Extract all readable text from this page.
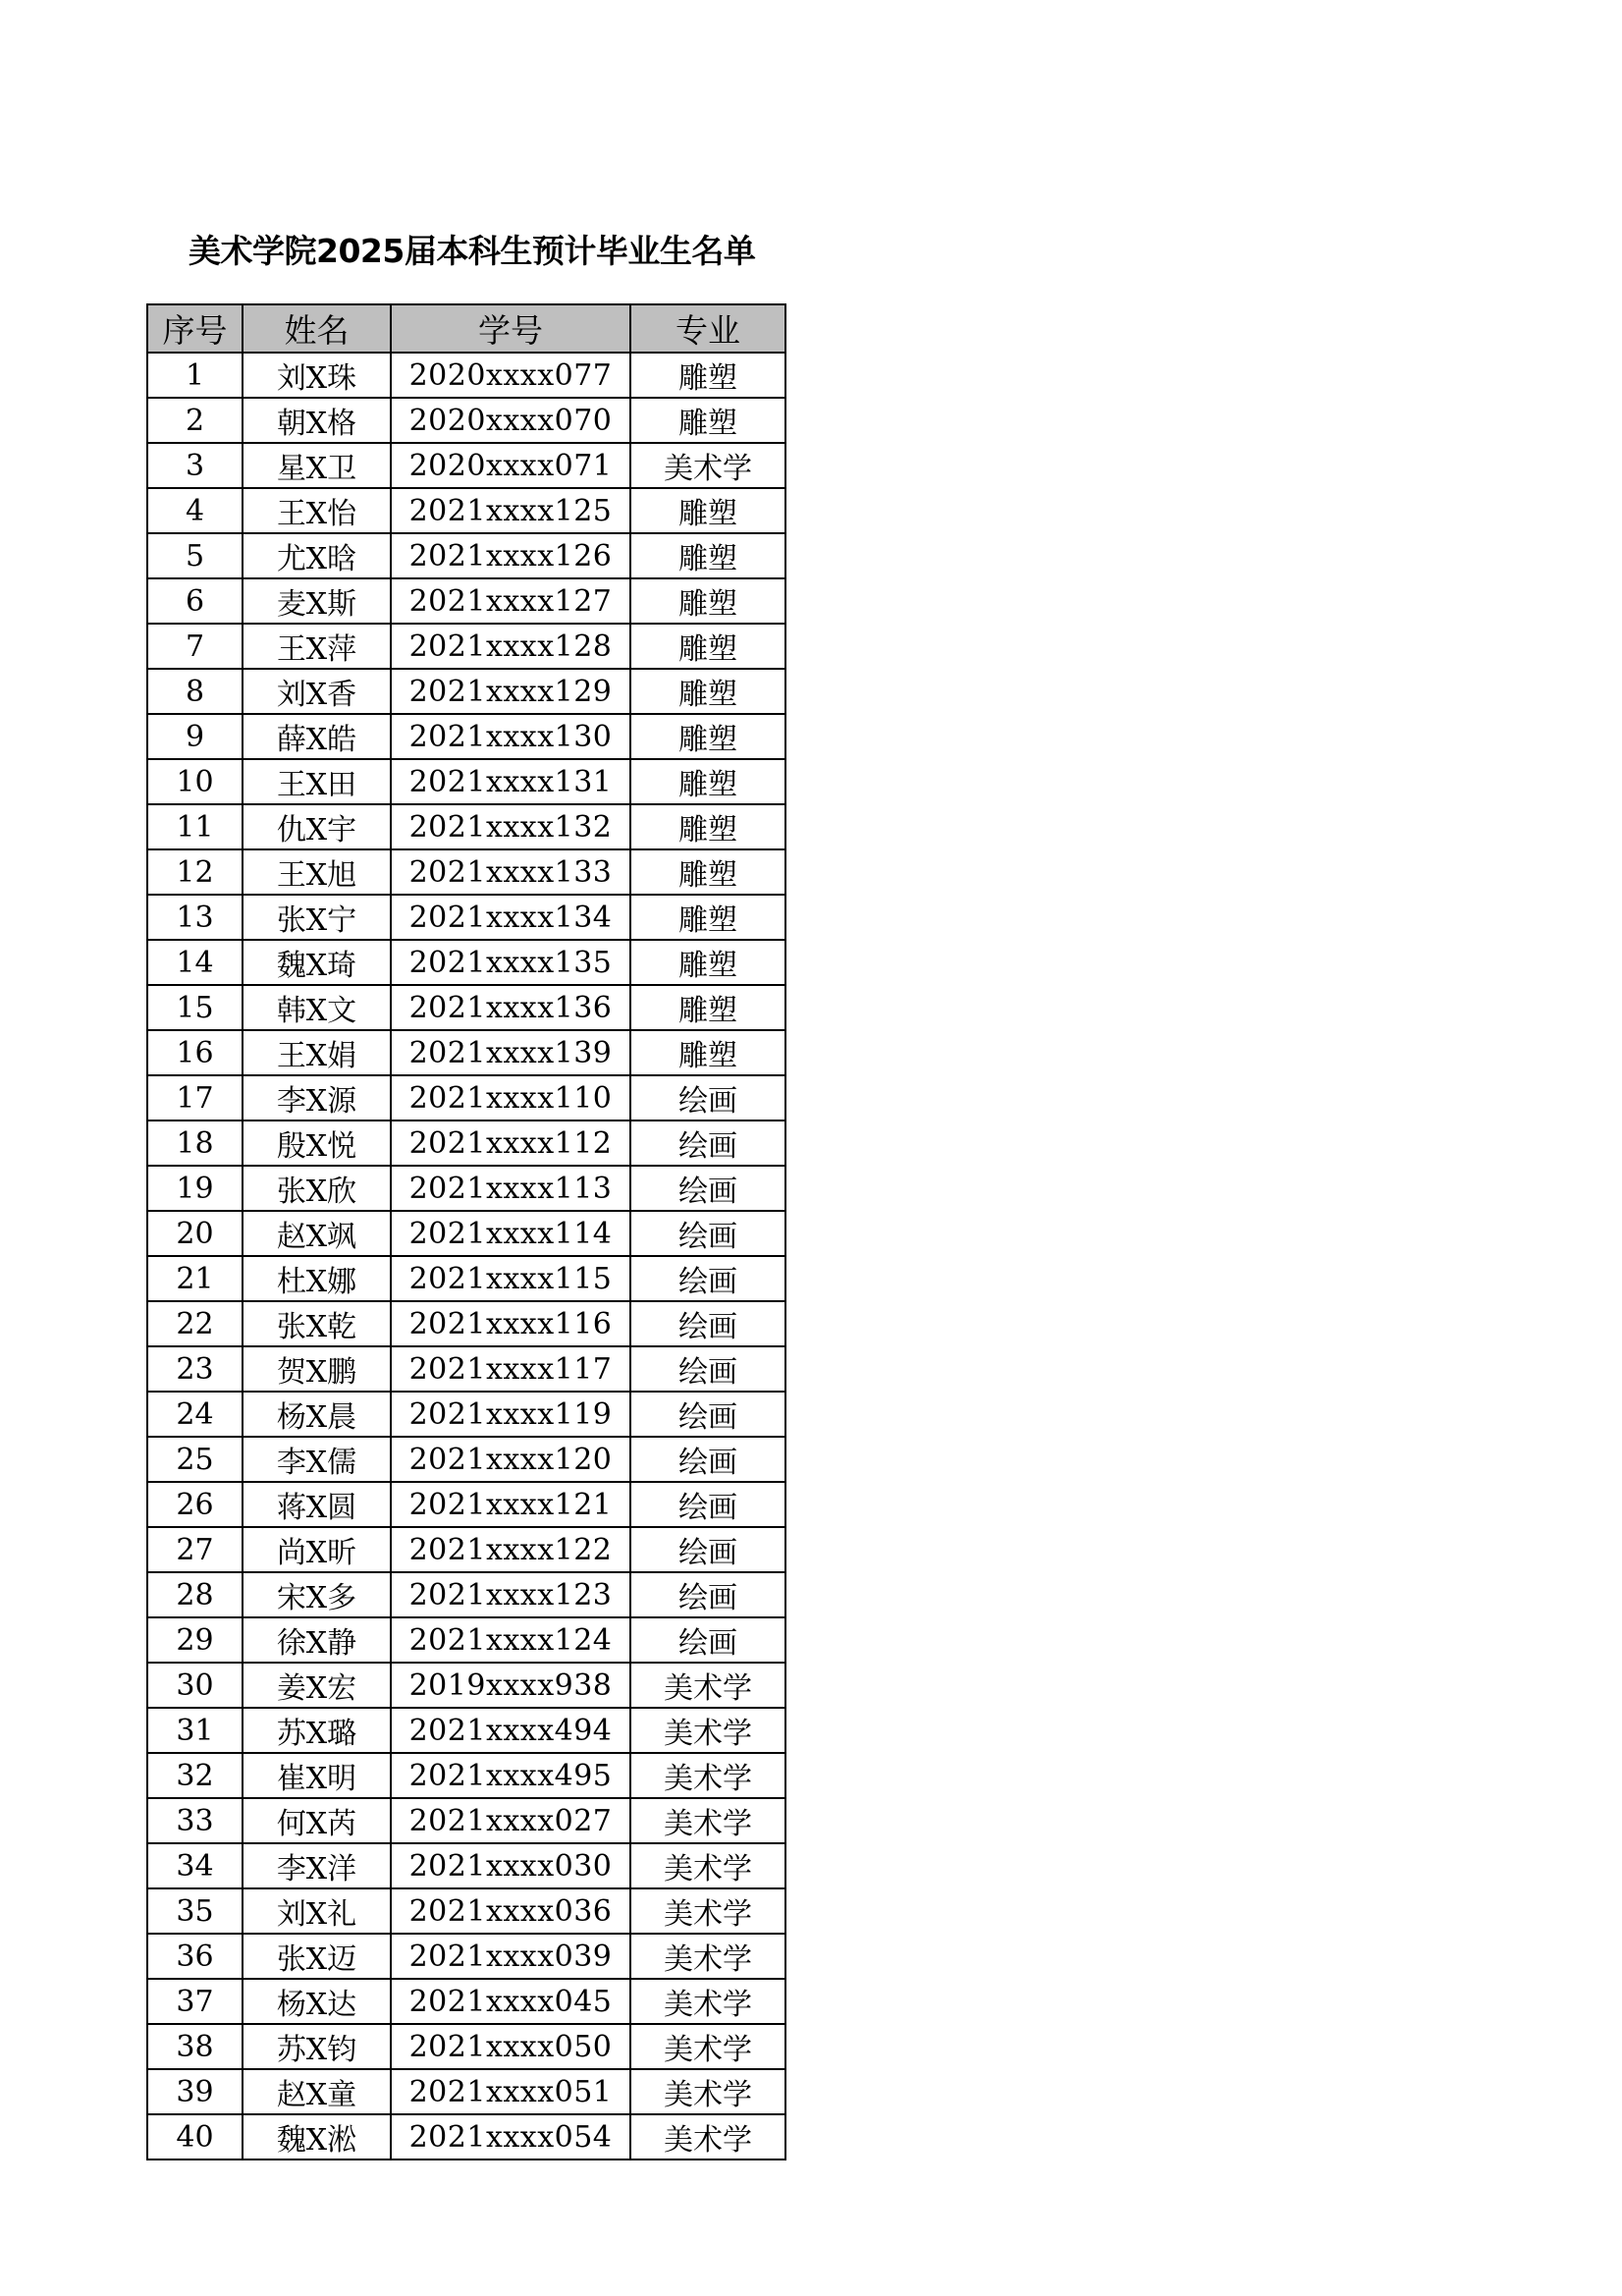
美术学院2025届本科生预计毕业生名单
序号	姓名	学号	专业
1	刘X珠	2020xxxx077	雕塑
2	朝X格	2020xxxx070	雕塑
3	星X卫	2020xxxx071	美术学
4	王X怡	2021xxxx125	雕塑
5	尤X晗	2021xxxx126	雕塑
6	麦X斯	2021xxxx127	雕塑
7	王X萍	2021xxxx128	雕塑
8	刘X香	2021xxxx129	雕塑
9	薛X皓	2021xxxx130	雕塑
10	王X田	2021xxxx131	雕塑
11	仇X宇	2021xxxx132	雕塑
12	王X旭	2021xxxx133	雕塑
13	张X宁	2021xxxx134	雕塑
14	魏X琦	2021xxxx135	雕塑
15	韩X文	2021xxxx136	雕塑
16	王X娟	2021xxxx139	雕塑
17	李X源	2021xxxx110	绘画
18	殷X悦	2021xxxx112	绘画
19	张X欣	2021xxxx113	绘画
20	赵X飒	2021xxxx114	绘画
21	杜X娜	2021xxxx115	绘画
22	张X乾	2021xxxx116	绘画
23	贺X鹏	2021xxxx117	绘画
24	杨X晨	2021xxxx119	绘画
25	李X儒	2021xxxx120	绘画
26	蒋X圆	2021xxxx121	绘画
27	尚X昕	2021xxxx122	绘画
28	宋X多	2021xxxx123	绘画
29	徐X静	2021xxxx124	绘画
30	姜X宏	2019xxxx938	美术学
31	苏X璐	2021xxxx494	美术学
32	崔X明	2021xxxx495	美术学
33	何X芮	2021xxxx027	美术学
34	李X洋	2021xxxx030	美术学
35	刘X礼	2021xxxx036	美术学
36	张X迈	2021xxxx039	美术学
37	杨X达	2021xxxx045	美术学
38	苏X钧	2021xxxx050	美术学
39	赵X童	2021xxxx051	美术学
40	魏X淞	2021xxxx054	美术学
